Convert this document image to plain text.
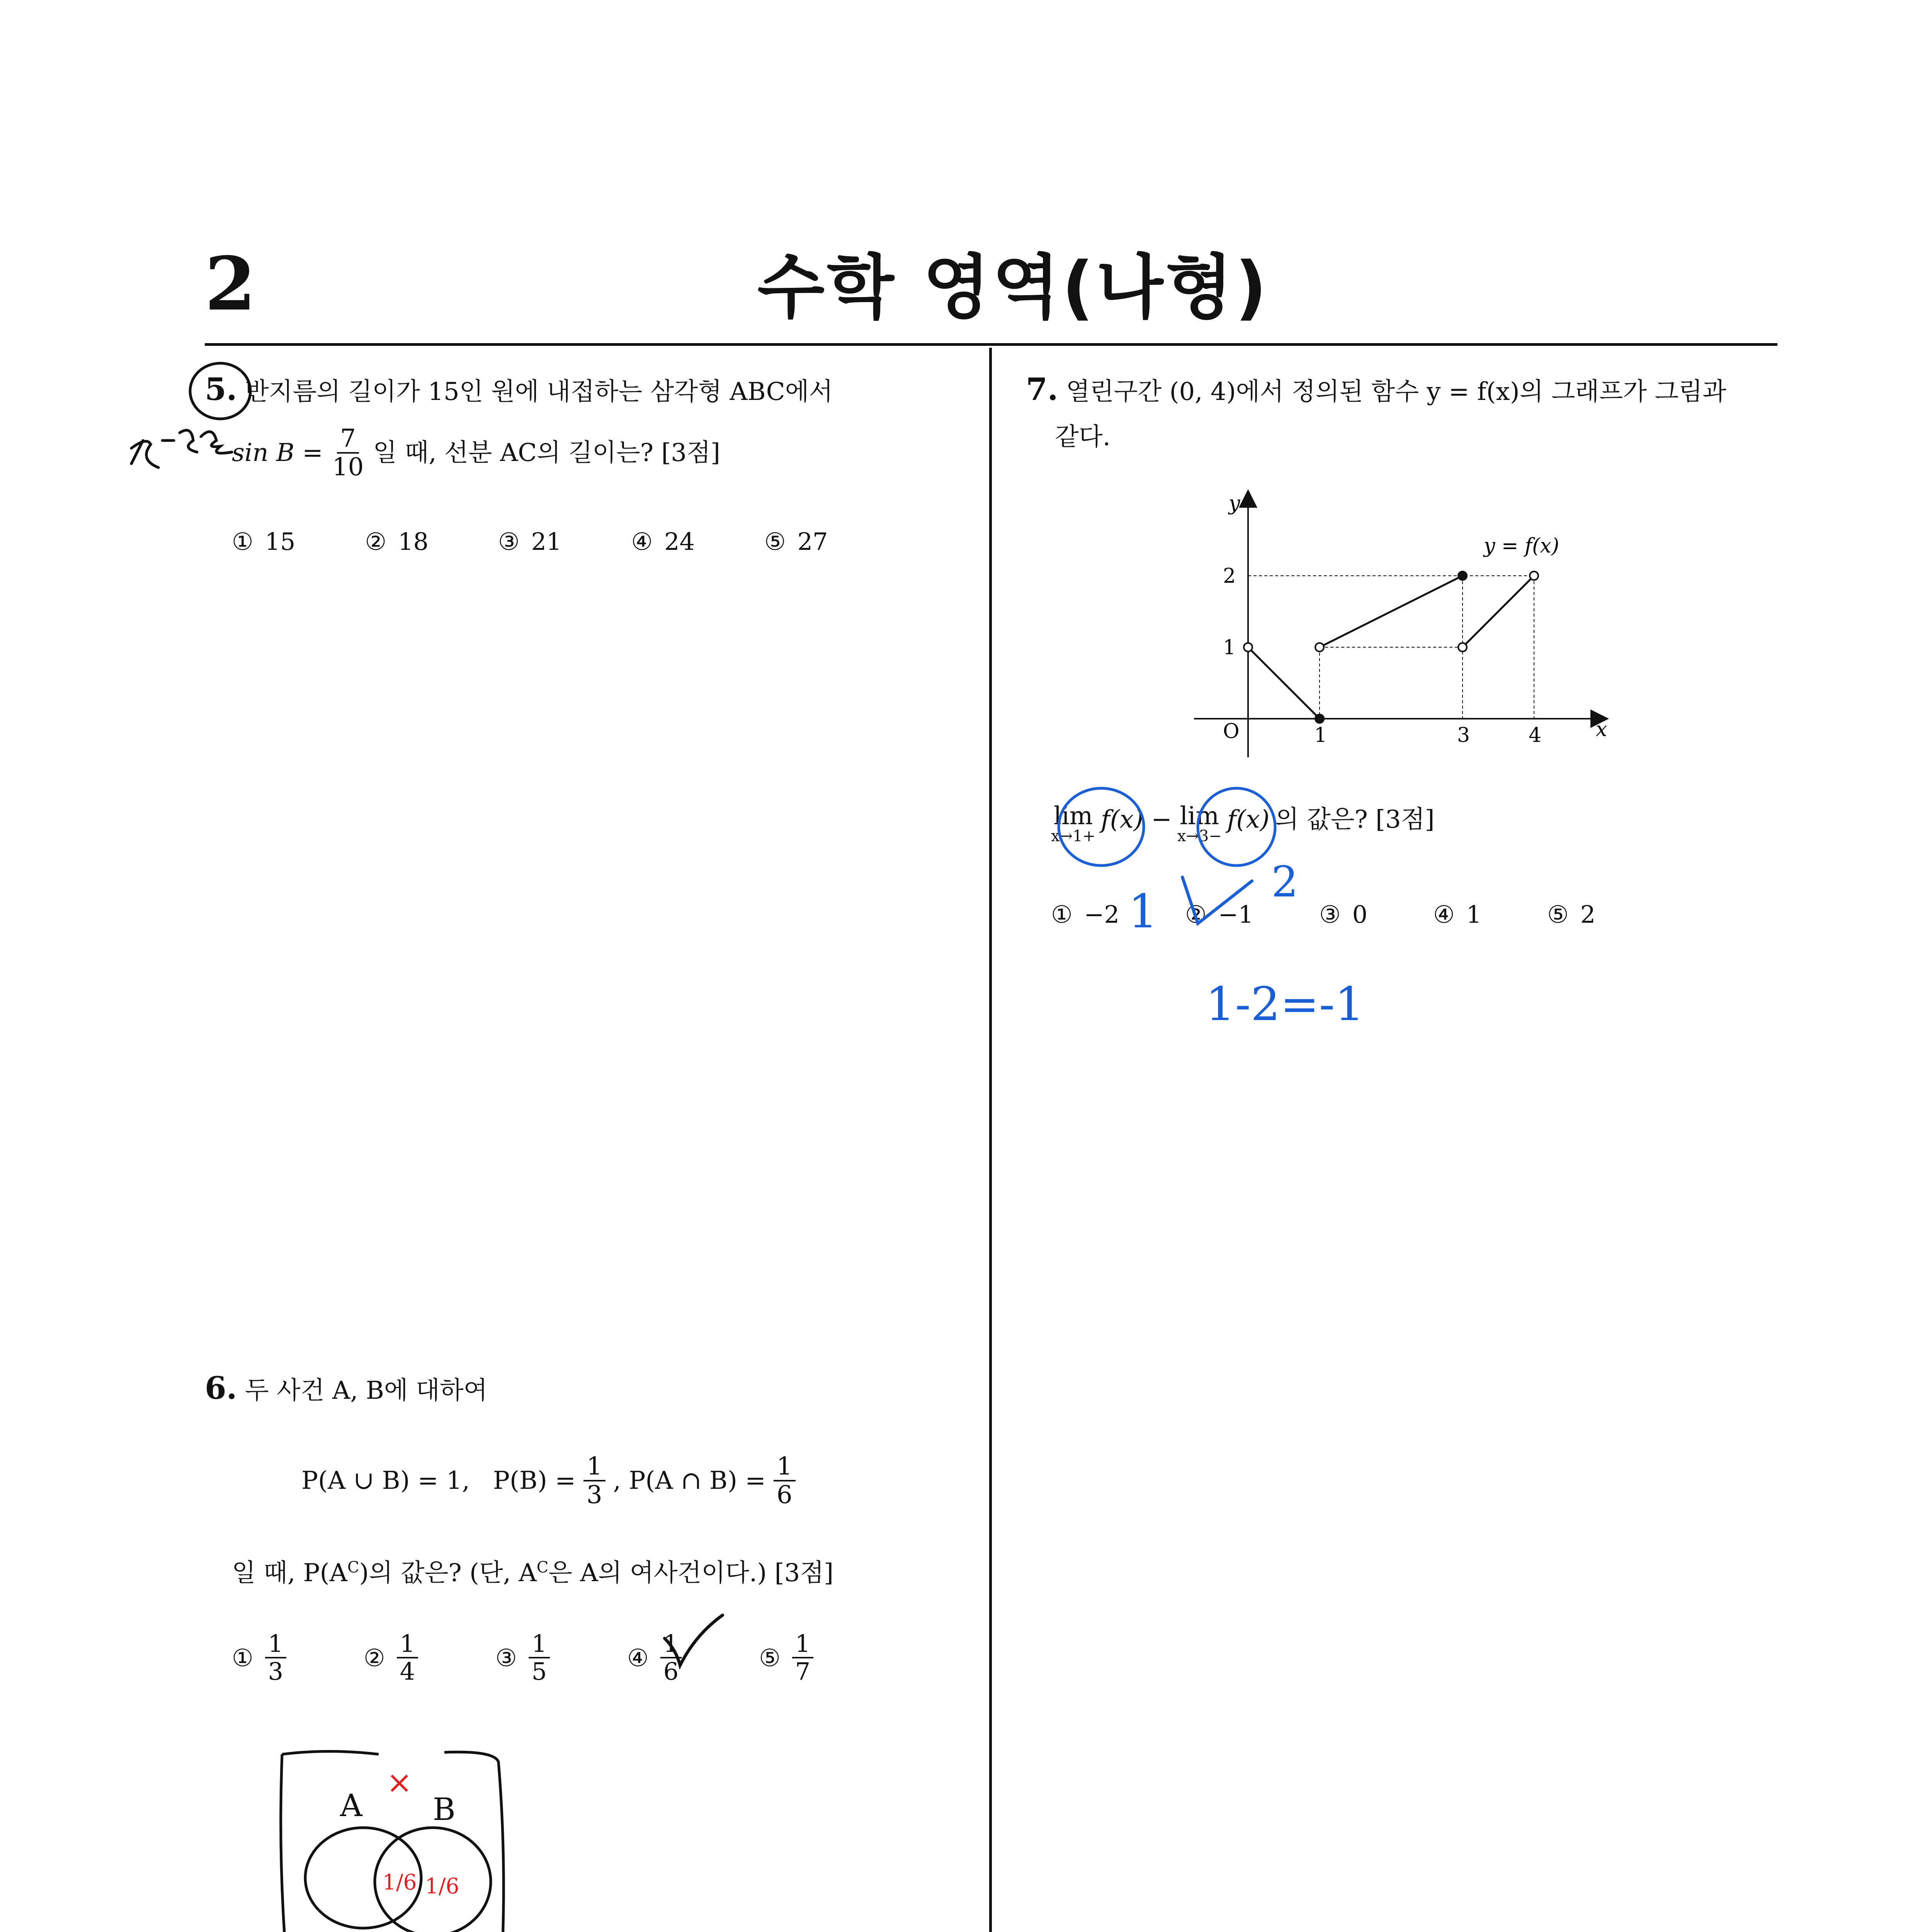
2	수학 영역(나형)
5. 반지름의 길이가 15인 원에 내접하는 삼각형 ABC에서
$\sin B = \frac{7}{10}$ 일 때, 선분 AC의 길이는? [3점]
① 15	② 18	③ 21	④ 24	⑤ 27
6. 두 사건 A, B에 대하여
P(A ∪ B) = 1, $P(B) = \frac{1}{3}$ , P(A ∩ $B) = \frac{1}{6}$
일 때, $P(A^C)$의 값은? (단, $A^C$은 A의 여사건이다.) [3점]
① $\frac{1}{3}$	② $\frac{1}{4}$	③ $\frac{1}{5}$	④ $\frac{1}{6}$	⑤ $\frac{1}{7}$
A B
×
1/6 1/6
7. 열린구간 (0, 4)에서 정의된 함수 y = f(x)의 그래프가 그림과
같다.
x
y
O
y = f(x)
1	3	4
1
2
lim
x→1+
f(x) − lim
x→3−
f(x) 의 값은? [3점]
① −2	② −1	③ 0	④ 1	⑤ 2
1
2
1-2=-1
